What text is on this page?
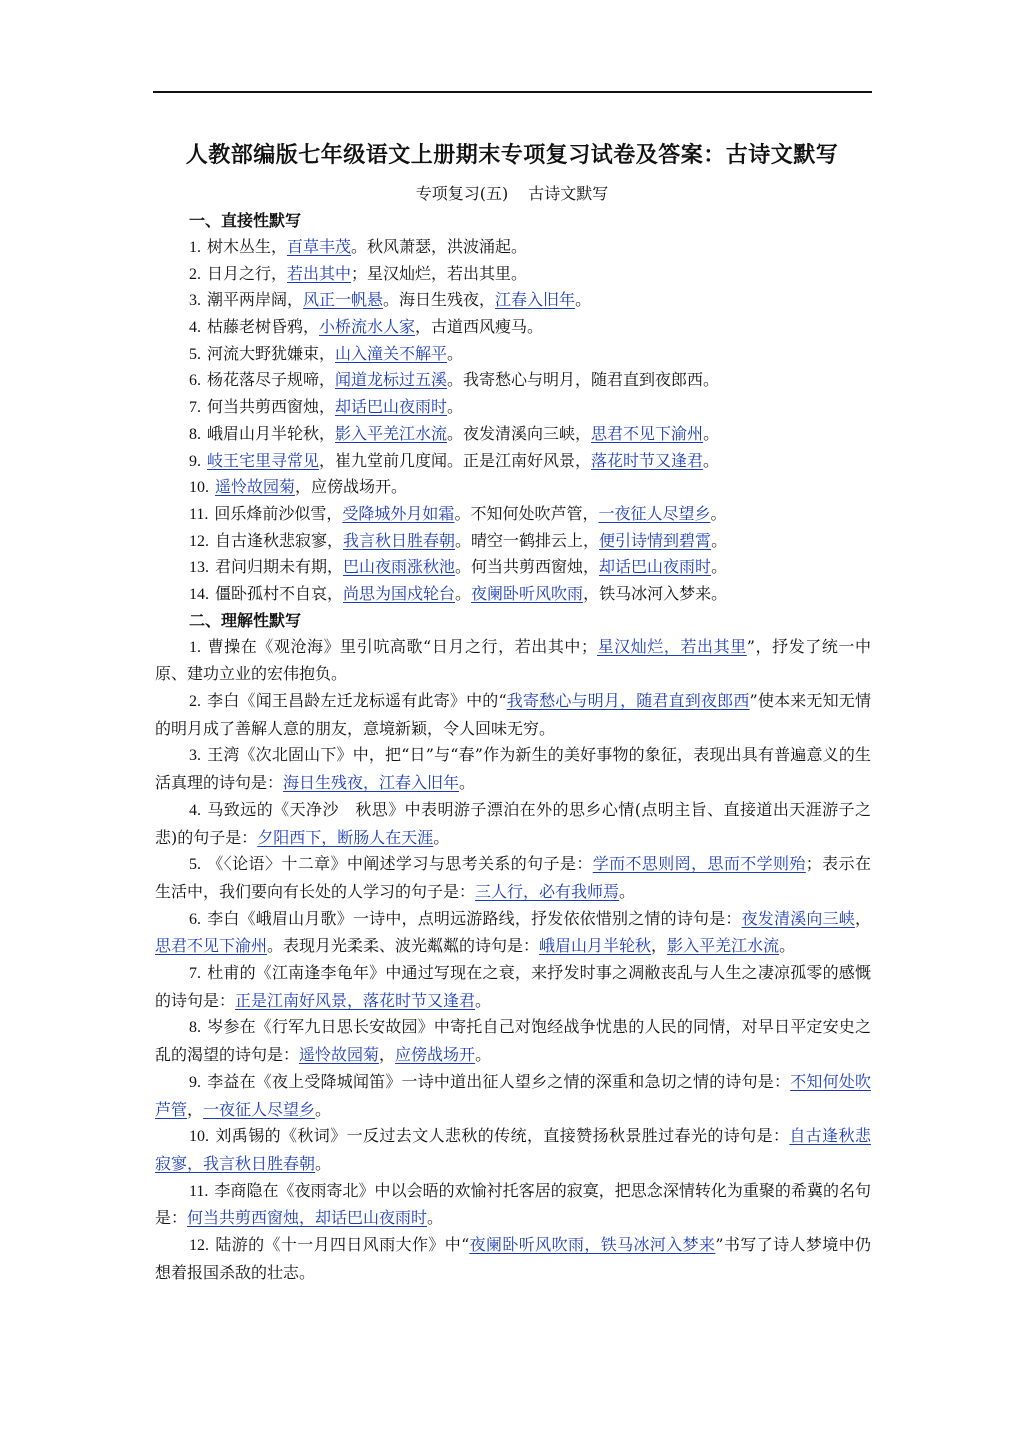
人教部编版七年级语文上册期末专项复习试卷及答案：古诗文默写
专项复习(五) 古诗文默写
一、直接性默写
1. 树木丛生，百草丰茂。秋风萧瑟，洪波涌起。
2. 日月之行，若出其中；星汉灿烂，若出其里。
3. 潮平两岸阔，风正一帆悬。海日生残夜，江春入旧年。
4. 枯藤老树昏鸦，小桥流水人家，古道西风瘦马。
5. 河流大野犹嫌束，山入潼关不解平。
6. 杨花落尽子规啼，闻道龙标过五溪。我寄愁心与明月，随君直到夜郎西。
7. 何当共剪西窗烛，却话巴山夜雨时。
8. 峨眉山月半轮秋，影入平羌江水流。夜发清溪向三峡，思君不见下渝州。
9. 岐王宅里寻常见，崔九堂前几度闻。正是江南好风景，落花时节又逢君。
10. 遥怜故园菊，应傍战场开。
11. 回乐烽前沙似雪，受降城外月如霜。不知何处吹芦管，一夜征人尽望乡。
12. 自古逢秋悲寂寥，我言秋日胜春朝。晴空一鹤排云上，便引诗情到碧霄。
13. 君问归期未有期，巴山夜雨涨秋池。何当共剪西窗烛，却话巴山夜雨时。
14. 僵卧孤村不自哀，尚思为国戍轮台。夜阑卧听风吹雨，铁马冰河入梦来。
二、理解性默写
1. 曹操在《观沧海》里引吭高歌“日月之行，若出其中；星汉灿烂，若出其里”，抒发了统一中原、建功立业的宏伟抱负。
2. 李白《闻王昌龄左迁龙标遥有此寄》中的“我寄愁心与明月，随君直到夜郎西”使本来无知无情的明月成了善解人意的朋友，意境新颖，令人回味无穷。
3. 王湾《次北固山下》中，把“日”与“春”作为新生的美好事物的象征，表现出具有普遍意义的生活真理的诗句是：海日生残夜，江春入旧年。
4. 马致远的《天净沙　秋思》中表明游子漂泊在外的思乡心情(点明主旨、直接道出天涯游子之悲)的句子是：夕阳西下，断肠人在天涯。
5. 《〈论语〉十二章》中阐述学习与思考关系的句子是：学而不思则罔，思而不学则殆；表示在生活中，我们要向有长处的人学习的句子是：三人行，必有我师焉。
6. 李白《峨眉山月歌》一诗中，点明远游路线，抒发依依惜别之情的诗句是：夜发清溪向三峡，思君不见下渝州。表现月光柔柔、波光粼粼的诗句是：峨眉山月半轮秋，影入平羌江水流。
7. 杜甫的《江南逢李龟年》中通过写现在之衰，来抒发时事之凋敝丧乱与人生之凄凉孤零的感慨的诗句是：正是江南好风景，落花时节又逢君。
8. 岑参在《行军九日思长安故园》中寄托自己对饱经战争忧患的人民的同情，对早日平定安史之乱的渴望的诗句是：遥怜故园菊，应傍战场开。
9. 李益在《夜上受降城闻笛》一诗中道出征人望乡之情的深重和急切之情的诗句是：不知何处吹芦管，一夜征人尽望乡。
10. 刘禹锡的《秋词》一反过去文人悲秋的传统，直接赞扬秋景胜过春光的诗句是：自古逢秋悲寂寥，我言秋日胜春朝。
11. 李商隐在《夜雨寄北》中以会晤的欢愉衬托客居的寂寞，把思念深情转化为重聚的希冀的名句是：何当共剪西窗烛，却话巴山夜雨时。
12. 陆游的《十一月四日风雨大作》中“夜阑卧听风吹雨，铁马冰河入梦来”书写了诗人梦境中仍想着报国杀敌的壮志。
